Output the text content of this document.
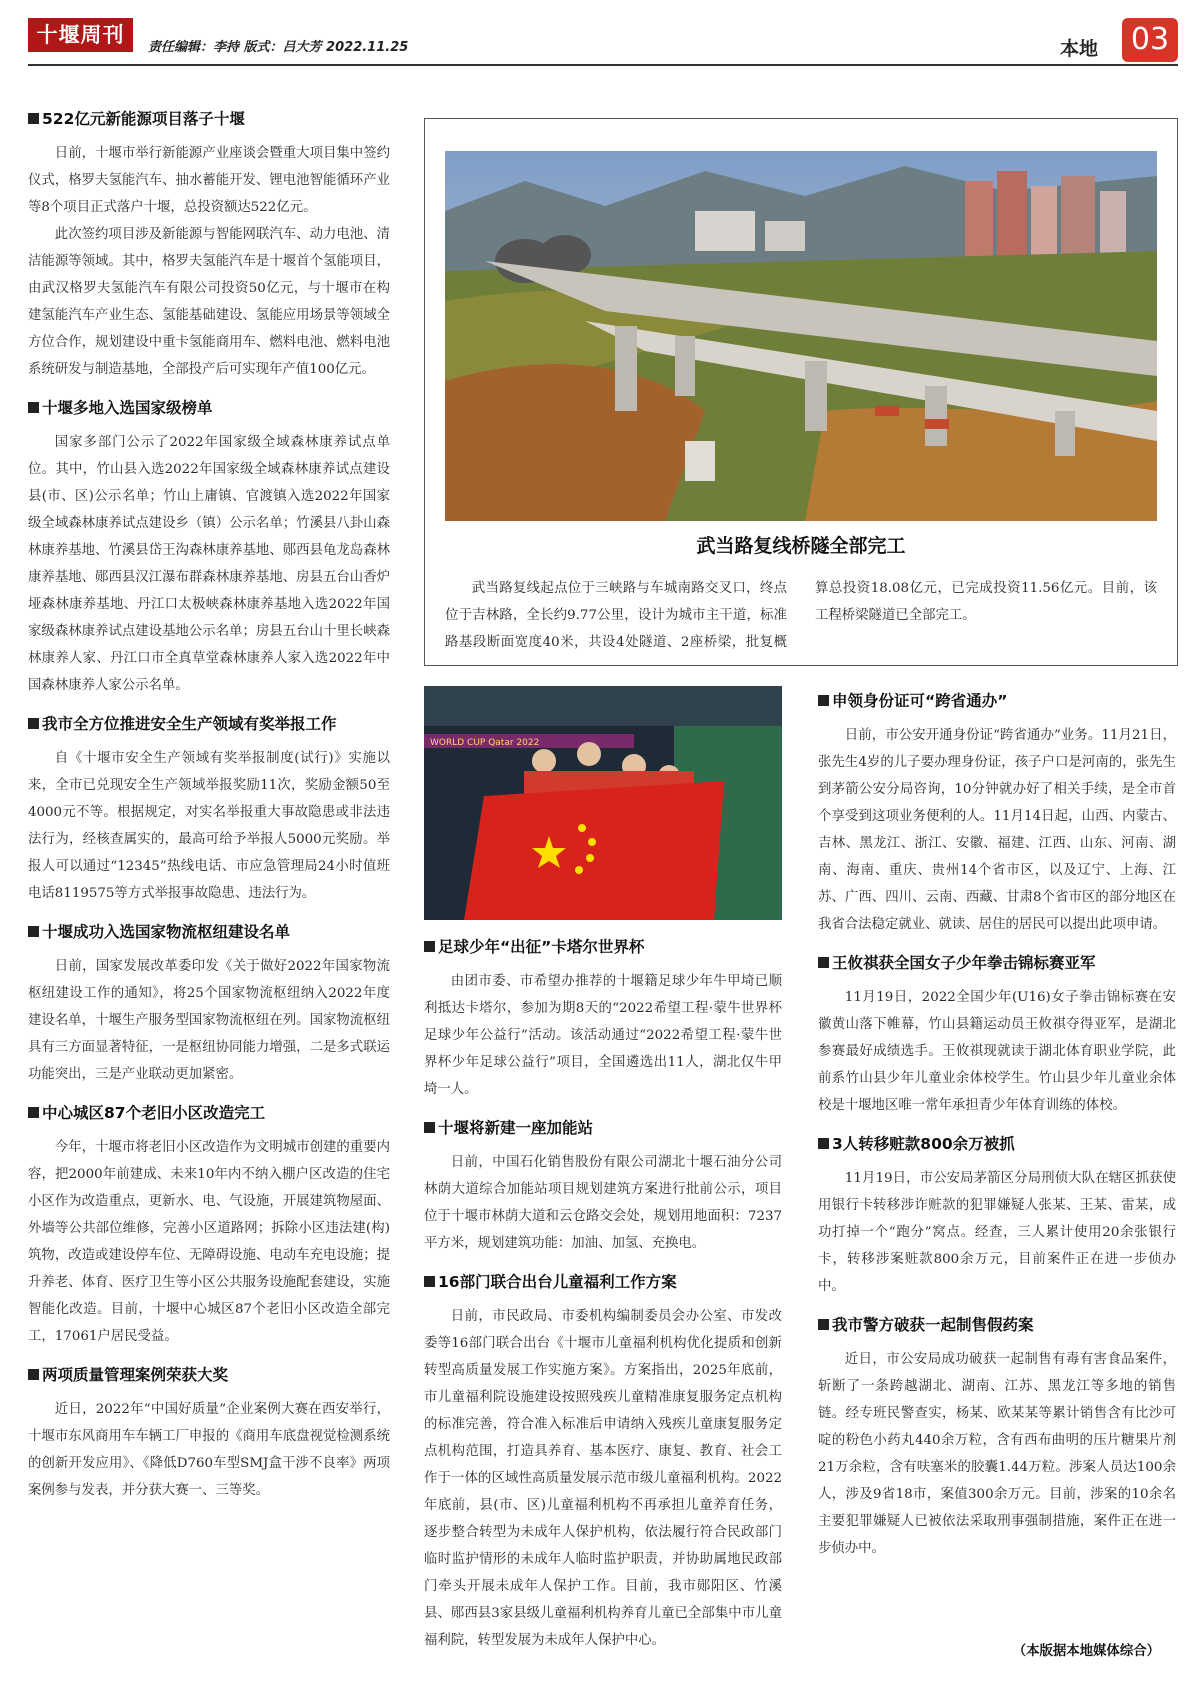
十堰周刊
责任编辑：李持 版式：吕大芳 2022.11.25	本地 03
522亿元新能源项目落子十堰

日前，十堰市举行新能源产业座谈会暨重大项目集中签约仪式，格罗夫氢能汽车、抽水蓄能开发、锂电池智能循环产业等8个项目正式落户十堰，总投资额达522亿元。

此次签约项目涉及新能源与智能网联汽车、动力电池、清洁能源等领域。其中，格罗夫氢能汽车是十堰首个氢能项目，由武汉格罗夫氢能汽车有限公司投资50亿元，与十堰市在构建氢能汽车产业生态、氢能基础建设、氢能应用场景等领域全方位合作，规划建设中重卡氢能商用车、燃料电池、燃料电池系统研发与制造基地，全部投产后可实现年产值100亿元。

十堰多地入选国家级榜单

国家多部门公示了2022年国家级全域森林康养试点单位。其中，竹山县入选2022年国家级全域森林康养试点建设县(市、区)公示名单；竹山上庸镇、官渡镇入选2022年国家级全域森林康养试点建设乡（镇）公示名单；竹溪县八卦山森林康养基地、竹溪县岱王沟森林康养基地、郧西县龟龙岛森林康养基地、郧西县汉江瀑布群森林康养基地、房县五台山香炉垭森林康养基地、丹江口太极峡森林康养基地入选2022年国家级森林康养试点建设基地公示名单；房县五台山十里长峡森林康养人家、丹江口市全真草堂森林康养人家入选2022年中国森林康养人家公示名单。

我市全方位推进安全生产领域有奖举报工作

自《十堰市安全生产领域有奖举报制度(试行)》实施以来，全市已兑现安全生产领域举报奖励11次，奖励金额50至4000元不等。根据规定，对实名举报重大事故隐患或非法违法行为，经核查属实的，最高可给予举报人5000元奖励。举报人可以通过“12345”热线电话、市应急管理局24小时值班电话8119575等方式举报事故隐患、违法行为。

十堰成功入选国家物流枢纽建设名单

日前，国家发展改革委印发《关于做好2022年国家物流枢纽建设工作的通知》，将25个国家物流枢纽纳入2022年度建设名单，十堰生产服务型国家物流枢纽在列。国家物流枢纽具有三方面显著特征，一是枢纽协同能力增强，二是多式联运功能突出，三是产业联动更加紧密。

中心城区87个老旧小区改造完工

今年，十堰市将老旧小区改造作为文明城市创建的重要内容，把2000年前建成、未来10年内不纳入棚户区改造的住宅小区作为改造重点，更新水、电、气设施，开展建筑物屋面、外墙等公共部位维修，完善小区道路网；拆除小区违法建(构)筑物，改造或建设停车位、无障碍设施、电动车充电设施；提升养老、体育、医疗卫生等小区公共服务设施配套建设，实施智能化改造。目前，十堰中心城区87个老旧小区改造全部完工，17061户居民受益。

两项质量管理案例荣获大奖

近日，2022年“中国好质量”企业案例大赛在西安举行，十堰市东风商用车车辆工厂申报的《商用车底盘视觉检测系统的创新开发应用》、《降低D760车型SMJ盒干涉不良率》两项案例参与发表，并分获大赛一、三等奖。

武当路复线桥隧全部完工

武当路复线起点位于三峡路与车城南路交叉口，终点位于吉林路，全长约9.77公里，设计为城市主干道，标准路基段断面宽度40米，共设4处隧道、2座桥梁，批复概算总投资18.08亿元，已完成投资11.56亿元。目前，该工程桥梁隧道已全部完工。

WORLD CUP Qatar 2022
足球少年“出征”卡塔尔世界杯

由团市委、市希望办推荐的十堰籍足球少年牛甲埼已顺利抵达卡塔尔，参加为期8天的“2022希望工程·蒙牛世界杯足球少年公益行”活动。该活动通过“2022希望工程·蒙牛世界杯少年足球公益行”项目，全国遴选出11人，湖北仅牛甲埼一人。

十堰将新建一座加能站

日前，中国石化销售股份有限公司湖北十堰石油分公司林荫大道综合加能站项目规划建筑方案进行批前公示，项目位于十堰市林荫大道和云仓路交会处，规划用地面积：7237平方米，规划建筑功能：加油、加氢、充换电。

16部门联合出台儿童福利工作方案

日前，市民政局、市委机构编制委员会办公室、市发改委等16部门联合出台《十堰市儿童福利机构优化提质和创新转型高质量发展工作实施方案》。方案指出，2025年底前，市儿童福利院设施建设按照残疾儿童精准康复服务定点机构的标准完善，符合准入标准后申请纳入残疾儿童康复服务定点机构范围，打造具养育、基本医疗、康复、教育、社会工作于一体的区域性高质量发展示范市级儿童福利机构。2022年底前，县(市、区)儿童福利机构不再承担儿童养育任务，逐步整合转型为未成年人保护机构，依法履行符合民政部门临时监护情形的未成年人临时监护职责，并协助属地民政部门牵头开展未成年人保护工作。目前，我市郧阳区、竹溪县、郧西县3家县级儿童福利机构养育儿童已全部集中市儿童福利院，转型发展为未成年人保护中心。

申领身份证可“跨省通办”

日前，市公安开通身份证“跨省通办”业务。11月21日，张先生4岁的儿子要办理身份证，孩子户口是河南的，张先生到茅箭公安分局咨询，10分钟就办好了相关手续，是全市首个享受到这项业务便利的人。11月14日起，山西、内蒙古、吉林、黑龙江、浙江、安徽、福建、江西、山东、河南、湖南、海南、重庆、贵州14个省市区，以及辽宁、上海、江苏、广西、四川、云南、西藏、甘肃8个省市区的部分地区在我省合法稳定就业、就读、居住的居民可以提出此项申请。

王攸祺获全国女子少年拳击锦标赛亚军

11月19日，2022全国少年(U16)女子拳击锦标赛在安徽黄山落下帷幕，竹山县籍运动员王攸祺夺得亚军，是湖北参赛最好成绩选手。王攸祺现就读于湖北体育职业学院，此前系竹山县少年儿童业余体校学生。竹山县少年儿童业余体校是十堰地区唯一常年承担青少年体育训练的体校。

3人转移赃款800余万被抓

11月19日，市公安局茅箭区分局刑侦大队在辖区抓获使用银行卡转移涉诈赃款的犯罪嫌疑人张某、王某、雷某，成功打掉一个“跑分”窝点。经查，三人累计使用20余张银行卡，转移涉案赃款800余万元，目前案件正在进一步侦办中。

我市警方破获一起制售假药案

近日，市公安局成功破获一起制售有毒有害食品案件，斩断了一条跨越湖北、湖南、江苏、黑龙江等多地的销售链。经专班民警查实，杨某、欧某某等累计销售含有比沙可啶的粉色小药丸440余万粒，含有西布曲明的压片糖果片剂21万余粒，含有呋塞米的胶囊1.44万粒。涉案人员达100余人，涉及9省18市，案值300余万元。目前，涉案的10余名主要犯罪嫌疑人已被依法采取刑事强制措施，案件正在进一步侦办中。

（本版据本地媒体综合）
